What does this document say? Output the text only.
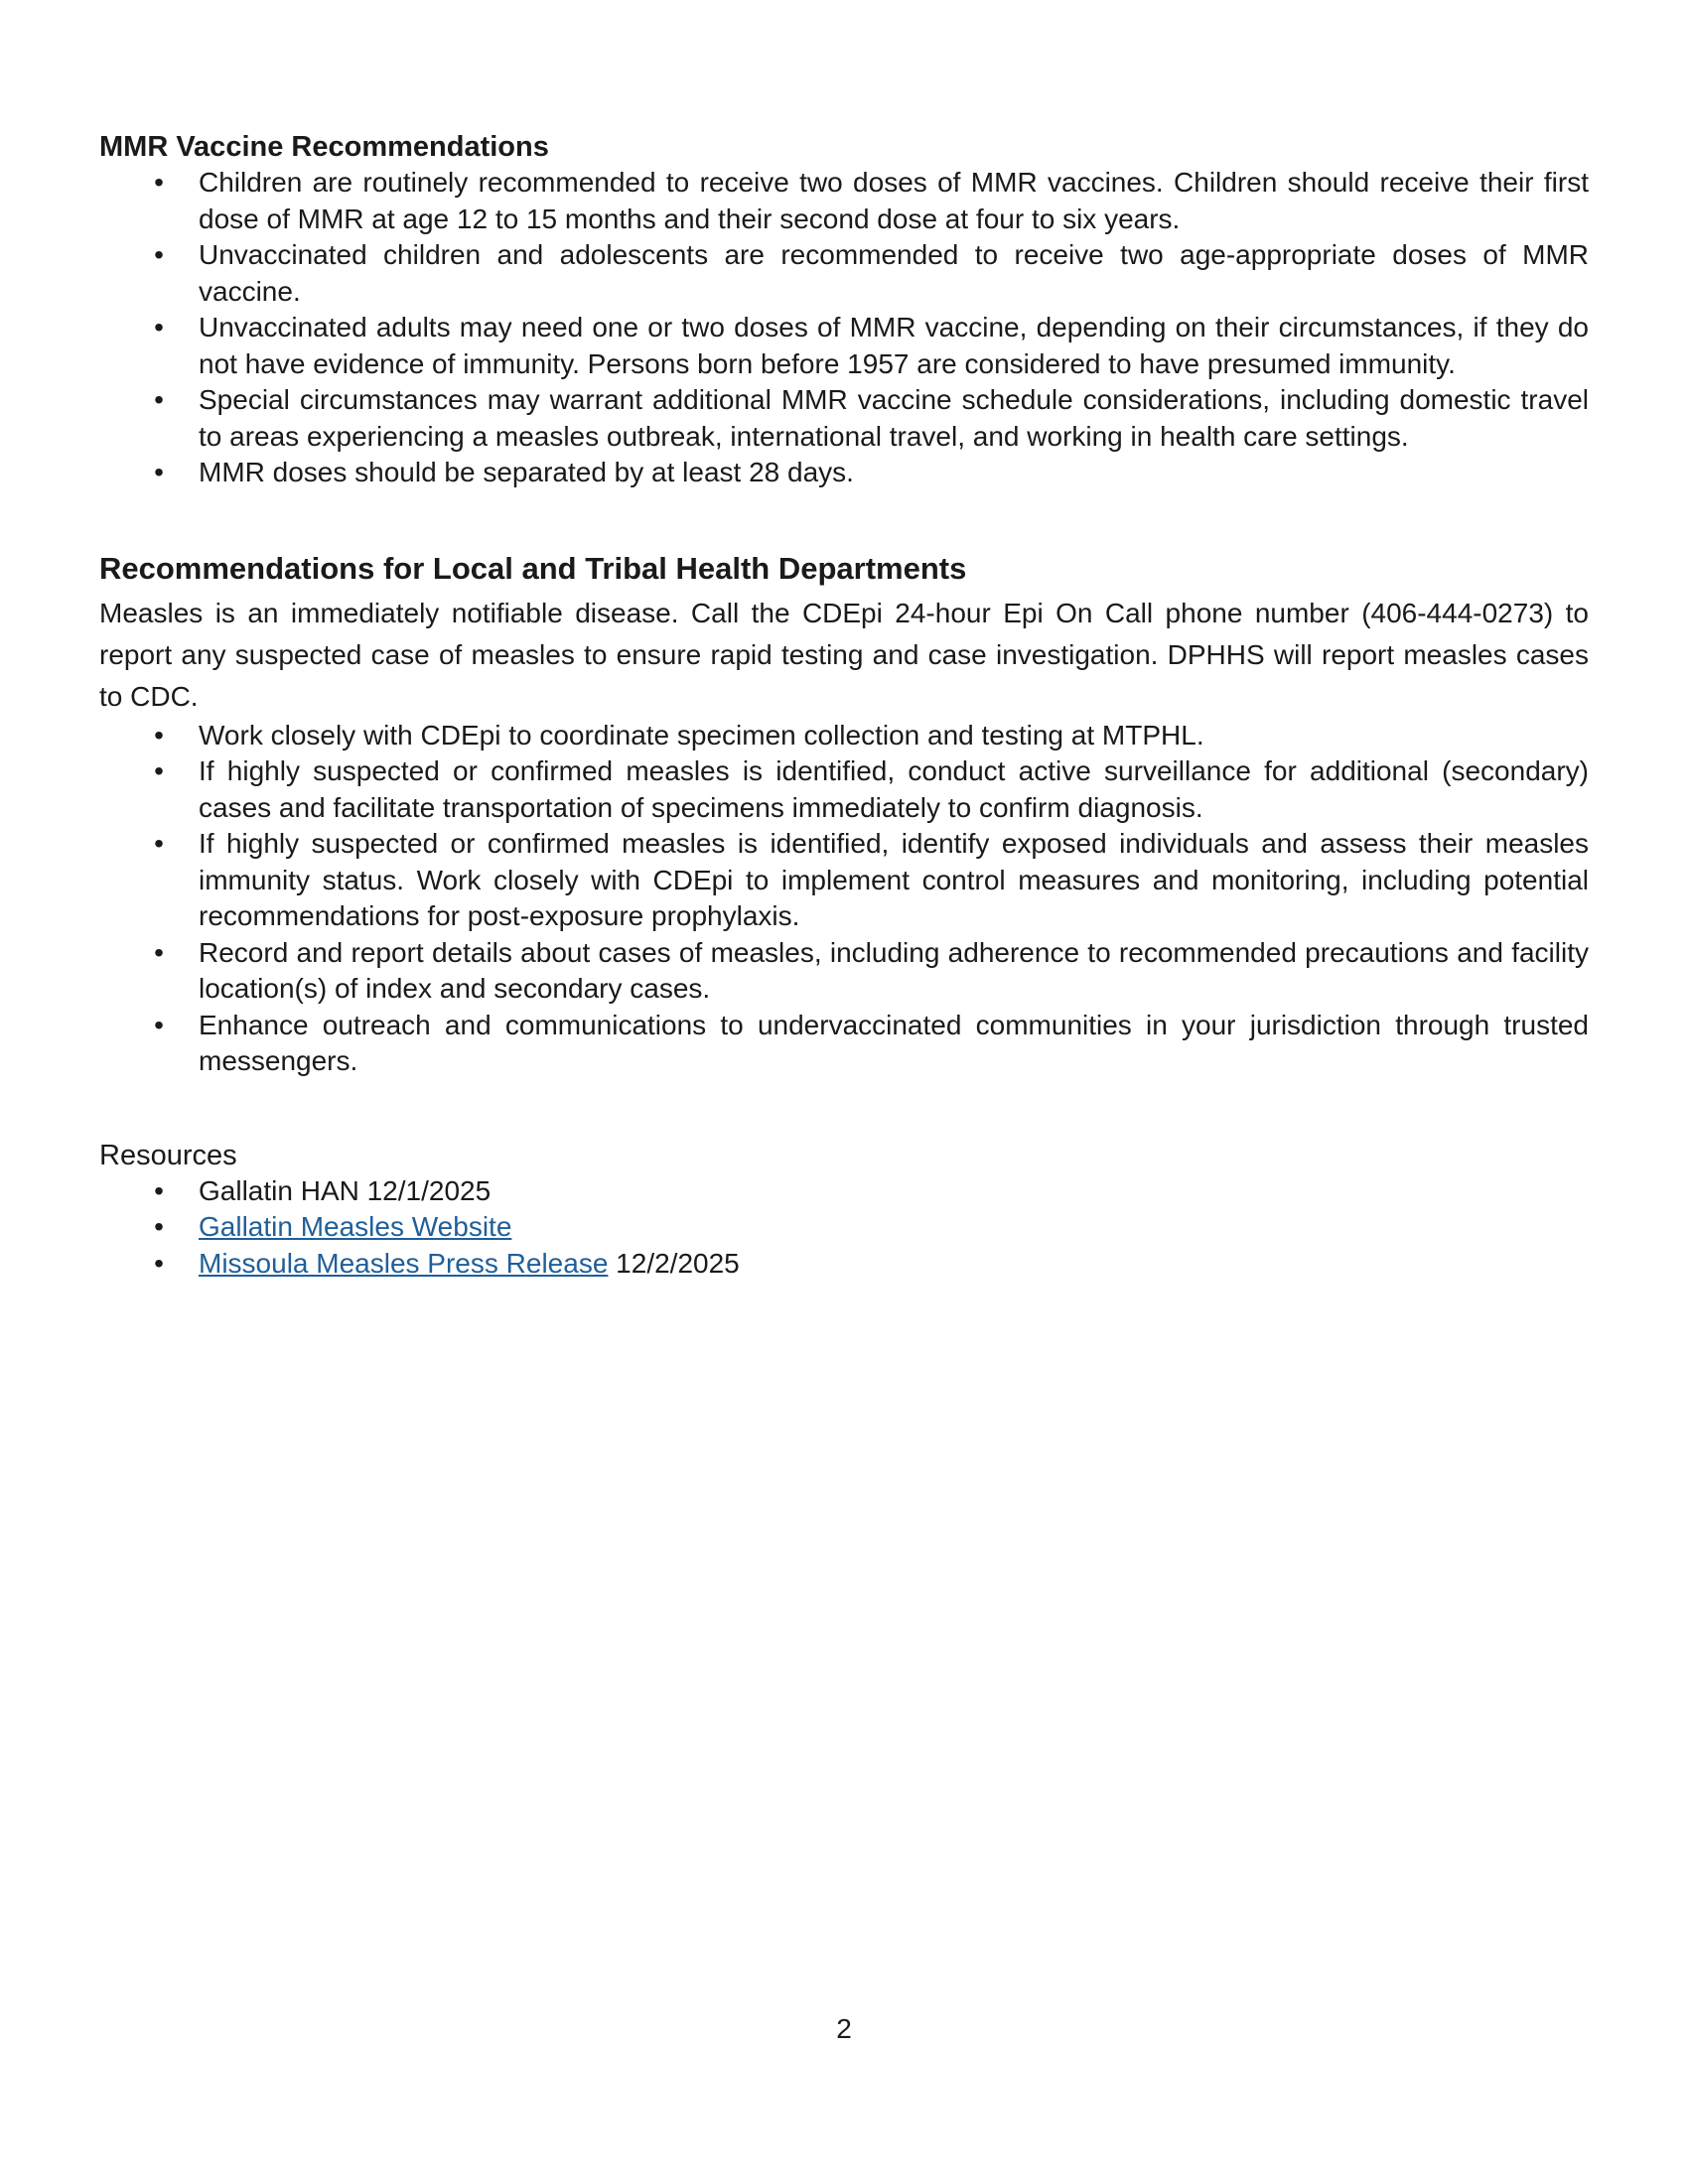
MMR Vaccine Recommendations
• Children are routinely recommended to receive two doses of MMR vaccines. Children should receive their first dose of MMR at age 12 to 15 months and their second dose at four to six years.
• Unvaccinated children and adolescents are recommended to receive two age-appropriate doses of MMR vaccine.
• Unvaccinated adults may need one or two doses of MMR vaccine, depending on their circumstances, if they do not have evidence of immunity. Persons born before 1957 are considered to have presumed immunity.
• Special circumstances may warrant additional MMR vaccine schedule considerations, including domestic travel to areas experiencing a measles outbreak, international travel, and working in health care settings.
• MMR doses should be separated by at least 28 days.
Recommendations for Local and Tribal Health Departments

Measles is an immediately notifiable disease. Call the CDEpi 24-hour Epi On Call phone number (406-444-0273) to report any suspected case of measles to ensure rapid testing and case investigation. DPHHS will report measles cases to CDC.

• Work closely with CDEpi to coordinate specimen collection and testing at MTPHL.
• If highly suspected or confirmed measles is identified, conduct active surveillance for additional (secondary) cases and facilitate transportation of specimens immediately to confirm diagnosis.
• If highly suspected or confirmed measles is identified, identify exposed individuals and assess their measles immunity status. Work closely with CDEpi to implement control measures and monitoring, including potential recommendations for post-exposure prophylaxis.
• Record and report details about cases of measles, including adherence to recommended precautions and facility location(s) of index and secondary cases.
• Enhance outreach and communications to undervaccinated communities in your jurisdiction through trusted messengers.
Resources
• Gallatin HAN 12/1/2025
• Gallatin Measles Website
• Missoula Measles Press Release 12/2/2025
2
